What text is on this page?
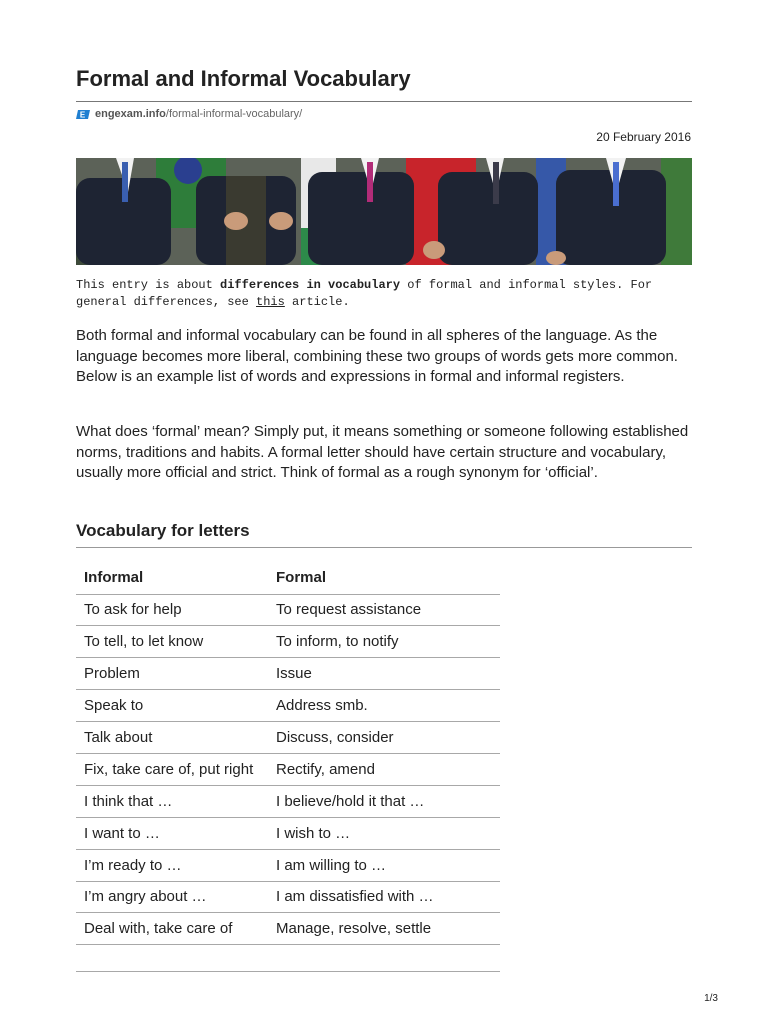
Formal and Informal Vocabulary
E engexam.info /formal-informal-vocabulary/
20 February 2016
This entry is about differences in vocabulary of formal and informal styles. For general differences, see this article.

Both formal and informal vocabulary can be found in all spheres of the language. As the language becomes more liberal, combining these two groups of words gets more common. Below is an example list of words and expressions in formal and informal registers.

What does ‘formal’ mean? Simply put, it means something or someone following established norms, traditions and habits. A formal letter should have certain structure and vocabulary, usually more official and strict. Think of formal as a rough synonym for ‘official’.

Vocabulary for letters
Informal	Formal
To ask for help	To request assistance
To tell, to let know	To inform, to notify
Problem	Issue
Speak to	Address smb.
Talk about	Discuss, consider
Fix, take care of, put right	Rectify, amend
I think that …	I believe/hold it that …
I want to …	I wish to …
I’m ready to …	I am willing to …
I’m angry about …	I am dissatisfied with …
Deal with, take care of	Manage, resolve, settle

1/3
